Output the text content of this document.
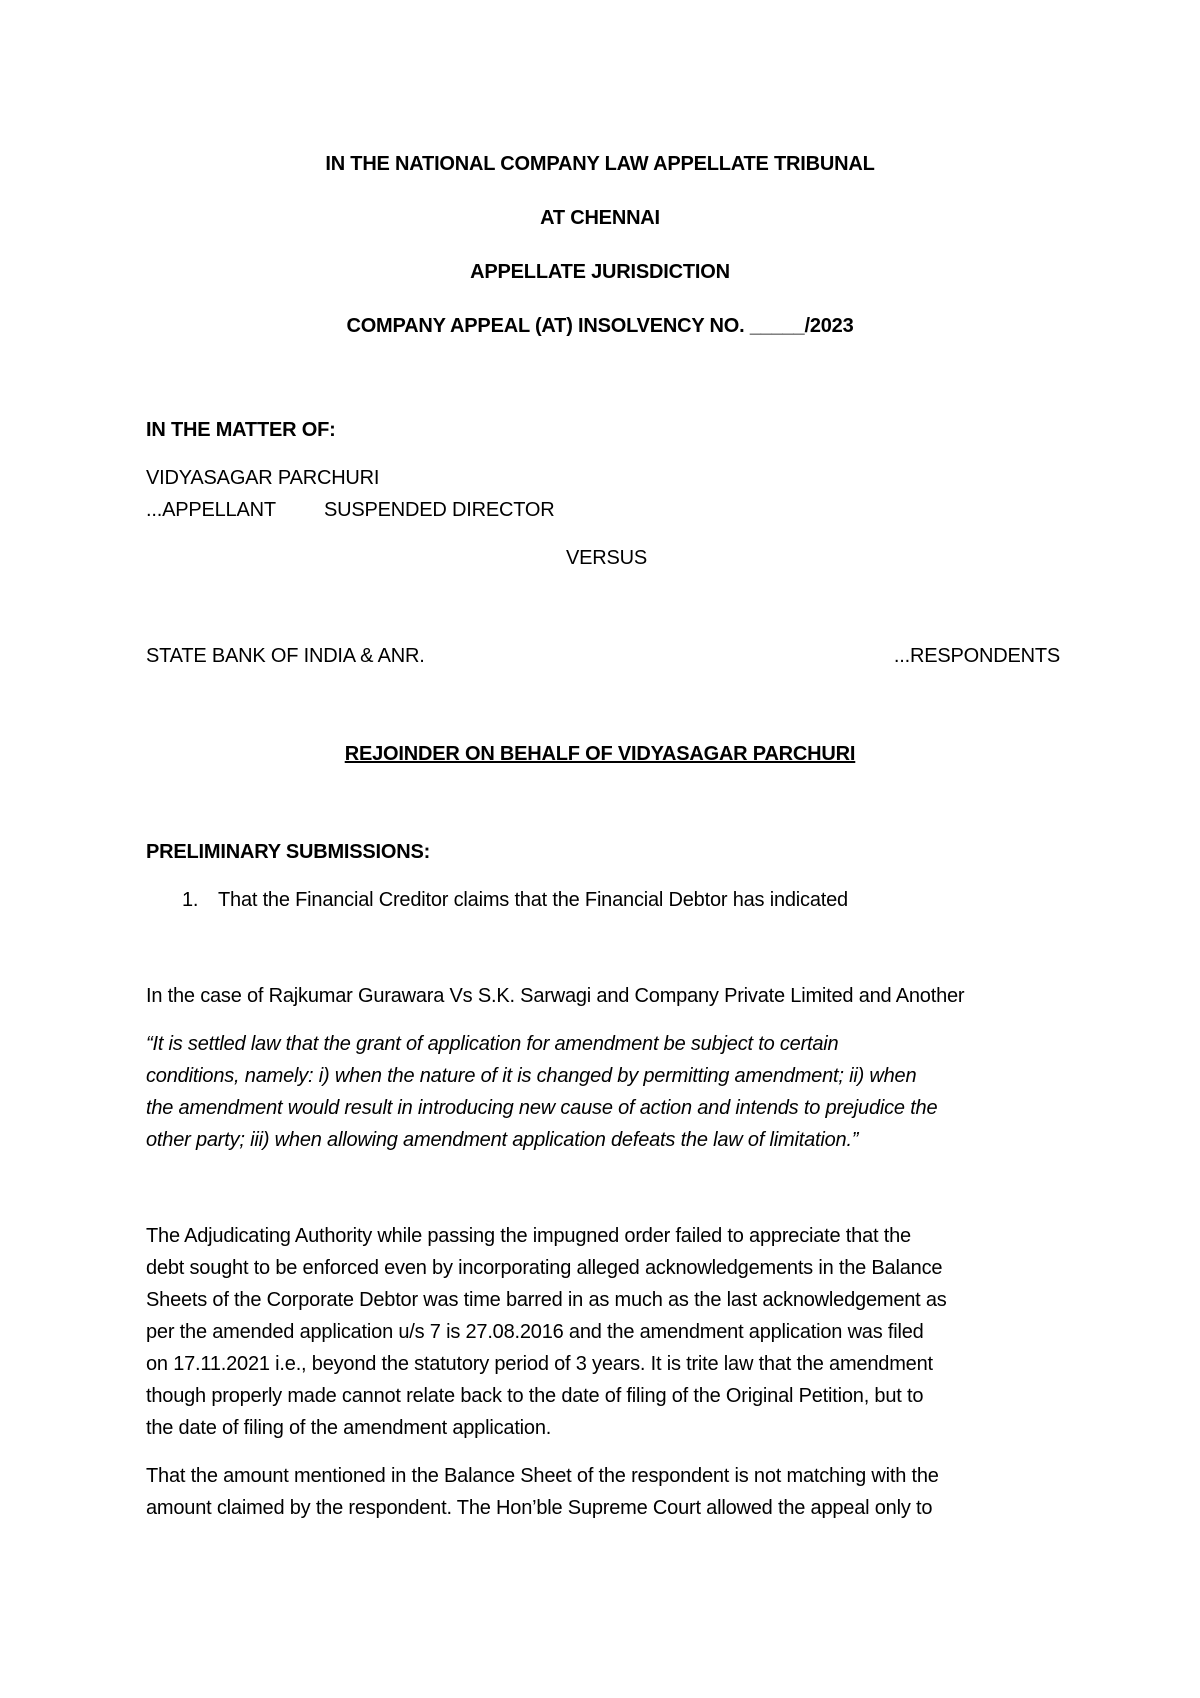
IN THE NATIONAL COMPANY LAW APPELLATE TRIBUNAL
AT CHENNAI
APPELLATE JURISDICTION
COMPANY APPEAL (AT) INSOLVENCY NO. _____/2023
IN THE MATTER OF:
VIDYASAGAR PARCHURI
...APPELLANT SUSPENDED DIRECTOR
VERSUS
STATE BANK OF INDIA & ANR.	...RESPONDENTS
REJOINDER ON BEHALF OF VIDYASAGAR PARCHURI
PRELIMINARY SUBMISSIONS:
1. That the Financial Creditor claims that the Financial Debtor has indicated
In the case of Rajkumar Gurawara Vs S.K. Sarwagi and Company Private Limited and Another
“It is settled law that the grant of application for amendment be subject to certain
conditions, namely: i) when the nature of it is changed by permitting amendment; ii) when
the amendment would result in introducing new cause of action and intends to prejudice the
other party; iii) when allowing amendment application defeats the law of limitation.”
The Adjudicating Authority while passing the impugned order failed to appreciate that the
debt sought to be enforced even by incorporating alleged acknowledgements in the Balance
Sheets of the Corporate Debtor was time barred in as much as the last acknowledgement as
per the amended application u/s 7 is 27.08.2016 and the amendment application was filed
on 17.11.2021 i.e., beyond the statutory period of 3 years. It is trite law that the amendment
though properly made cannot relate back to the date of filing of the Original Petition, but to
the date of filing of the amendment application.
That the amount mentioned in the Balance Sheet of the respondent is not matching with the
amount claimed by the respondent. The Hon’ble Supreme Court allowed the appeal only to
